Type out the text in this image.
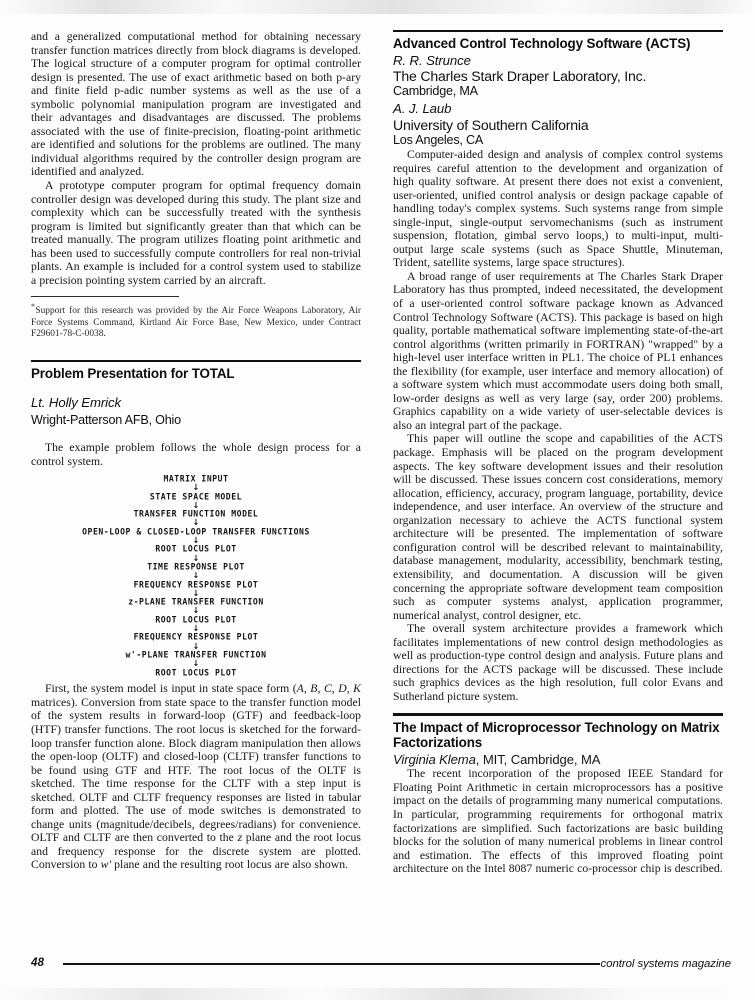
and a generalized computational method for obtaining necessary transfer function matrices directly from block diagrams is developed. The logical structure of a computer program for optimal controller design is presented. The use of exact arithmetic based on both p-ary and finite field p-adic number systems as well as the use of a symbolic polynomial manipulation program are investigated and their advantages and disadvantages are discussed. The problems associated with the use of finite-precision, floating-point arithmetic are identified and solutions for the problems are outlined. The many individual algorithms required by the controller design program are identified and analyzed.

A prototype computer program for optimal frequency domain controller design was developed during this study. The plant size and complexity which can be successfully treated with the synthesis program is limited but significantly greater than that which can be treated manually. The program utilizes floating point arithmetic and has been used to successfully compute controllers for real non-trivial plants. An example is included for a control system used to stabilize a precision pointing system carried by an aircraft.

*Support for this research was provided by the Air Force Weapons Laboratory, Air Force Systems Command, Kirtland Air Force Base, New Mexico, under Contract F29601-78-C-0038.

Problem Presentation for TOTAL

Lt. Holly Emrick

Wright-Patterson AFB, Ohio

The example problem follows the whole design process for a control system.

MATRIX INPUT
↓
STATE SPACE MODEL
↓
TRANSFER FUNCTION MODEL
↓
OPEN-LOOP & CLOSED-LOOP TRANSFER FUNCTIONS
↓
ROOT LOCUS PLOT
↓
TIME RESPONSE PLOT
↓
FREQUENCY RESPONSE PLOT
↓
z-PLANE TRANSFER FUNCTION
↓
ROOT LOCUS PLOT
↓
FREQUENCY RESPONSE PLOT
↓
w'-PLANE TRANSFER FUNCTION
↓
ROOT LOCUS PLOT

First, the system model is input in state space form (A, B, C, D, K matrices). Conversion from state space to the transfer function model of the system results in forward-loop (GTF) and feedback-loop (HTF) transfer functions. The root locus is sketched for the forward-loop transfer function alone. Block diagram manipulation then allows the open-loop (OLTF) and closed-loop (CLTF) transfer functions to be found using GTF and HTF. The root locus of the OLTF is sketched. The time response for the CLTF with a step input is sketched. OLTF and CLTF frequency responses are listed in tabular form and plotted. The use of mode switches is demonstrated to change units (magnitude/decibels, degrees/radians) for convenience. OLTF and CLTF are then converted to the z plane and the root locus and frequency response for the discrete system are plotted. Conversion to w' plane and the resulting root locus are also shown.

Advanced Control Technology Software (ACTS)

R. R. Strunce

The Charles Stark Draper Laboratory, Inc.

Cambridge, MA

A. J. Laub

University of Southern California

Los Angeles, CA

Computer-aided design and analysis of complex control systems requires careful attention to the development and organization of high quality software. At present there does not exist a convenient, user-oriented, unified control analysis or design package capable of handling today's complex systems. Such systems range from simple single-input, single-output servomechanisms (such as instrument suspension, flotation, gimbal servo loops,) to multi-input, multi-output large scale systems (such as Space Shuttle, Minuteman, Trident, satellite systems, large space structures).

A broad range of user requirements at The Charles Stark Draper Laboratory has thus prompted, indeed necessitated, the development of a user-oriented control software package known as Advanced Control Technology Software (ACTS). This package is based on high quality, portable mathematical software implementing state-of-the-art control algorithms (written primarily in FORTRAN) "wrapped" by a high-level user interface written in PL1. The choice of PL1 enhances the flexibility (for example, user interface and memory allocation) of a software system which must accommodate users doing both small, low-order designs as well as very large (say, order 200) problems. Graphics capability on a wide variety of user-selectable devices is also an integral part of the package.

This paper will outline the scope and capabilities of the ACTS package. Emphasis will be placed on the program development aspects. The key software development issues and their resolution will be discussed. These issues concern cost considerations, memory allocation, efficiency, accuracy, program language, portability, device independence, and user interface. An overview of the structure and organization necessary to achieve the ACTS functional system architecture will be presented. The implementation of software configuration control will be described relevant to maintainability, database management, modularity, accessibility, benchmark testing, extensibility, and documentation. A discussion will be given concerning the appropriate software development team composition such as computer systems analyst, application programmer, numerical analyst, control designer, etc.

The overall system architecture provides a framework which facilitates implementations of new control design methodologies as well as production-type control design and analysis. Future plans and directions for the ACTS package will be discussed. These include such graphics devices as the high resolution, full color Evans and Sutherland picture system.

The Impact of Microprocessor Technology on Matrix Factorizations

Virginia Klema, MIT, Cambridge, MA

The recent incorporation of the proposed IEEE Standard for Floating Point Arithmetic in certain microprocessors has a positive impact on the details of programming many numerical computations. In particular, programming requirements for orthogonal matrix factorizations are simplified. Such factorizations are basic building blocks for the solution of many numerical problems in linear control and estimation. The effects of this improved floating point architecture on the Intel 8087 numeric co-processor chip is described.

48	control systems magazine
